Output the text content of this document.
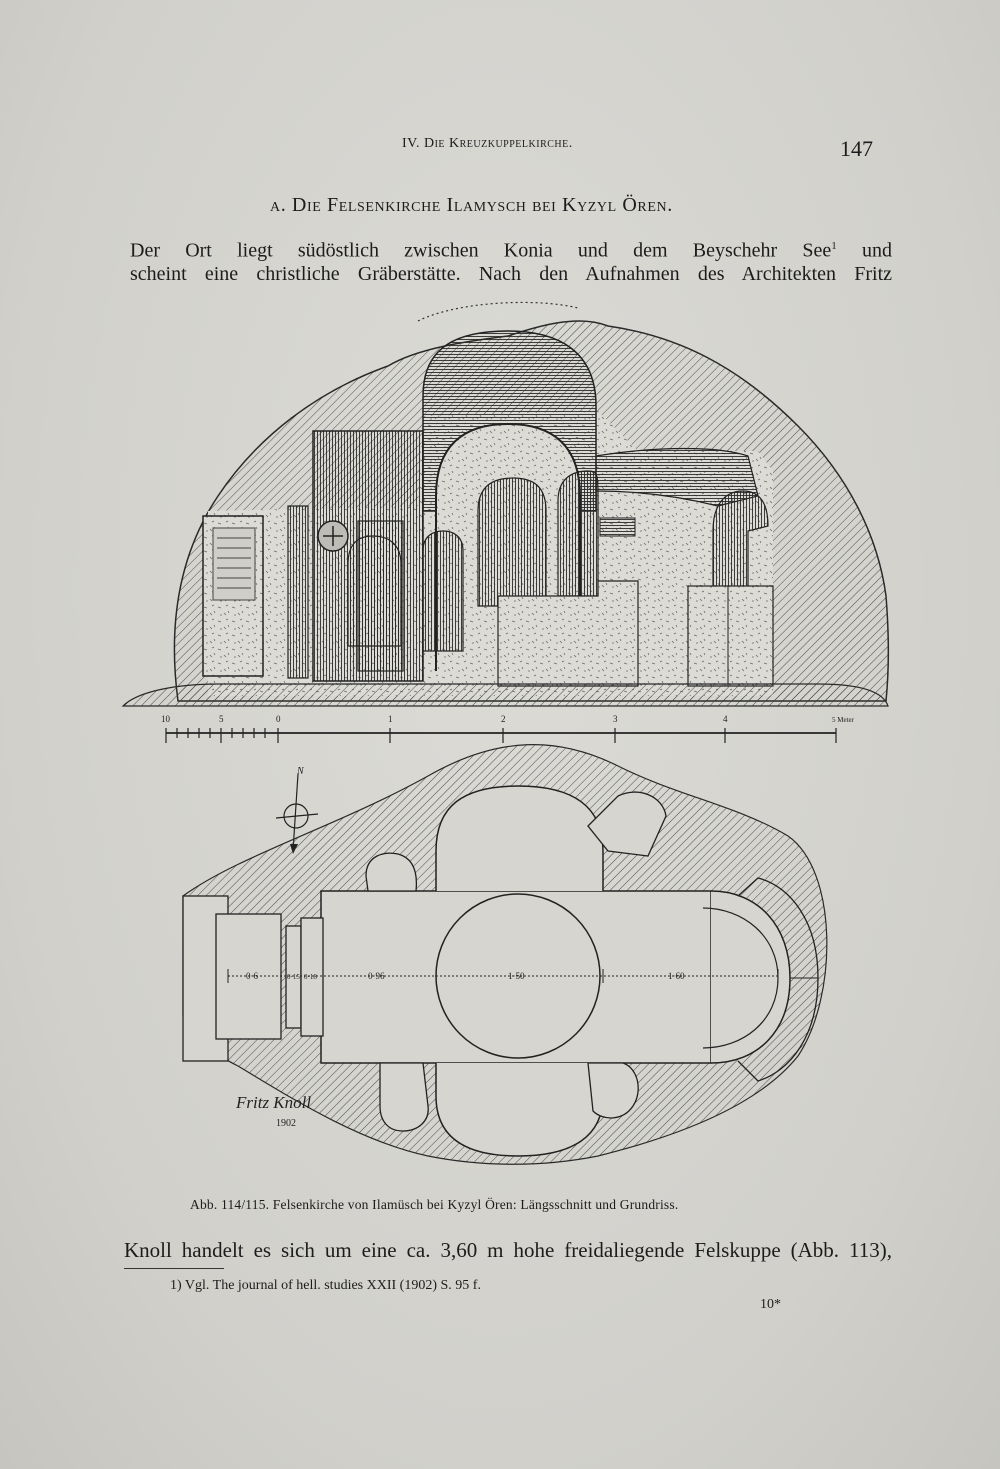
IV. Die Kreuzkuppelkirche.	147
a. Die Felsenkirche Ilamysch bei Kyzyl Ören.
Der Ort liegt südöstlich zwischen Konia und dem Beyschehr See$^1$ und
scheint eine christliche Gräberstätte. Nach den Aufnahmen des Architekten Fritz
10	5	0	1	2	3	4	5 Meter
N
0·6	0·15 0·18	0·96	1·50	1·60
Fritz Knoll
1902
Abb. 114/115. Felsenkirche von Ilamüsch bei Kyzyl Ören: Längsschnitt und Grundriss.
Knoll handelt es sich um eine ca. 3,60 m hohe freidaliegende Felskuppe (Abb. 113),
1) Vgl. The journal of hell. studies XXII (1902) S. 95 f.
10*
